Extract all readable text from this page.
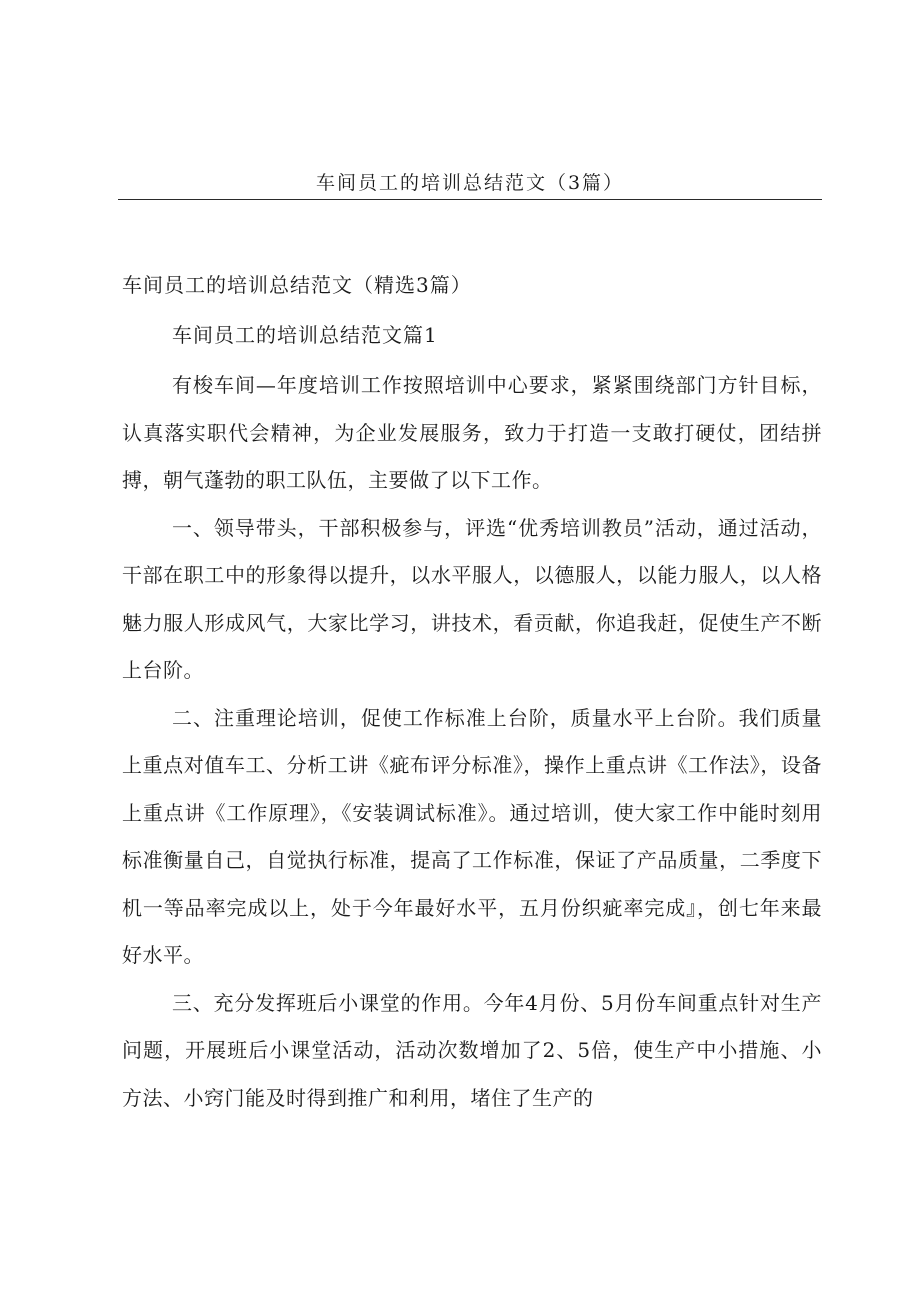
车间员工的培训总结范文（3篇）
车间员工的培训总结范文（精选3篇）
车间员工的培训总结范文篇1

有梭车间—年度培训工作按照培训中心要求，紧紧围绕部门方针目标，认真落实职代会精神，为企业发展服务，致力于打造一支敢打硬仗，团结拼搏，朝气蓬勃的职工队伍，主要做了以下工作。

一、领导带头，干部积极参与，评选“优秀培训教员”活动，通过活动，干部在职工中的形象得以提升，以水平服人，以德服人，以能力服人，以人格魅力服人形成风气，大家比学习，讲技术，看贡献，你追我赶，促使生产不断上台阶。

二、注重理论培训，促使工作标准上台阶，质量水平上台阶。我们质量上重点对值车工、分析工讲《疵布评分标准》，操作上重点讲《工作法》，设备上重点讲《工作原理》，《安装调试标准》。通过培训，使大家工作中能时刻用标准衡量自己，自觉执行标准，提高了工作标准，保证了产品质量，二季度下机一等品率完成以上，处于今年最好水平，五月份织疵率完成』，创七年来最好水平。

三、充分发挥班后小课堂的作用。今年4月份、5月份车间重点针对生产问题，开展班后小课堂活动，活动次数增加了2、5倍，使生产中小措施、小方法、小窍门能及时得到推广和利用，堵住了生产的
